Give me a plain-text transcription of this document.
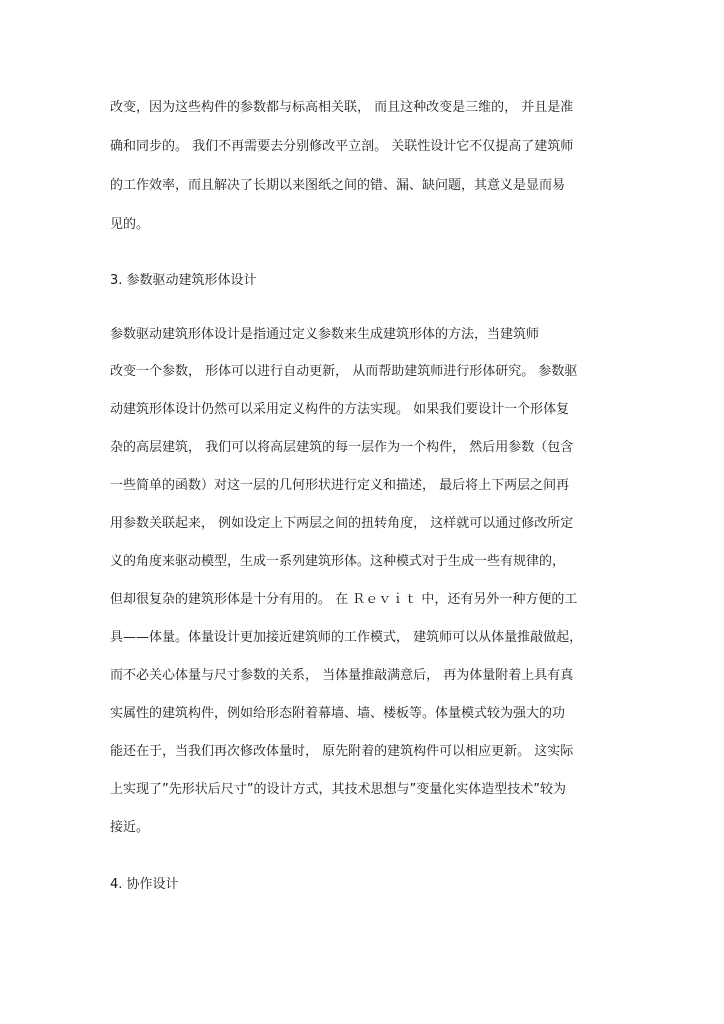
改变，因为这些构件的参数都与标高相关联， 而且这种改变是三维的， 并且是准
确和同步的。 我们不再需要去分别修改平立剖。 关联性设计它不仅提高了建筑师
的工作效率，而且解决了长期以来图纸之间的错、漏、缺问题，其意义是显而易
见的。
3. 参数驱动建筑形体设计
参数驱动建筑形体设计是指通过定义参数来生成建筑形体的方法，当建筑师
改变一个参数， 形体可以进行自动更新， 从而帮助建筑师进行形体研究。 参数驱
动建筑形体设计仍然可以采用定义构件的方法实现。 如果我们要设计一个形体复
杂的高层建筑， 我们可以将高层建筑的每一层作为一个构件， 然后用参数（包含
一些简单的函数）对这一层的几何形状进行定义和描述， 最后将上下两层之间再
用参数关联起来， 例如设定上下两层之间的扭转角度， 这样就可以通过修改所定
义的角度来驱动模型，生成一系列建筑形体。这种模式对于生成一些有规律的，
但却很复杂的建筑形体是十分有用的。 在 Ｒｅｖｉｔ 中，还有另外一种方便的工
具——体量。体量设计更加接近建筑师的工作模式， 建筑师可以从体量推敲做起，
而不必关心体量与尺寸参数的关系， 当体量推敲满意后， 再为体量附着上具有真
实属性的建筑构件，例如给形态附着幕墙、墙、楼板等。体量模式较为强大的功
能还在于，当我们再次修改体量时， 原先附着的建筑构件可以相应更新。 这实际
上实现了”先形状后尺寸”的设计方式，其技术思想与”变量化实体造型技术”较为
接近。
4. 协作设计
